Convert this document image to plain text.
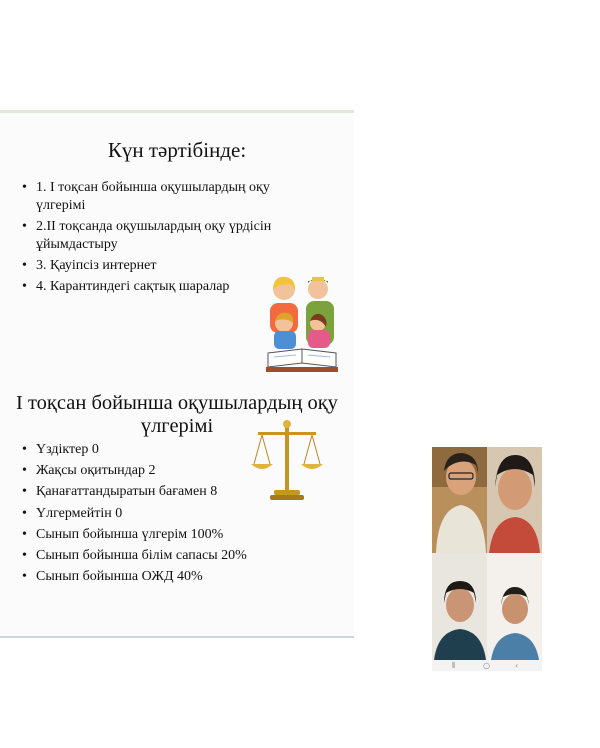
Күн тәртібінде:
• 1. І тоқсан бойынша оқушылардың оқу үлгерімі
• 2.ІІ тоқсанда оқушылардың оқу үрдісін ұйымдастыру
• 3. Қауіпсіз интернет
• 4. Карантиндегі сақтық шаралар
І тоқсан бойынша оқушылардың оқу үлгерімі
• Үздіктер 0
• Жақсы оқитындар 2
• Қанағаттандыратын бағамен 8
• Үлгермейтін 0
• Сынып бойынша үлгерім 100%
• Сынып бойынша білім сапасы 20%
• Сынып бойынша ОЖД 40%
⦀	○	‹
